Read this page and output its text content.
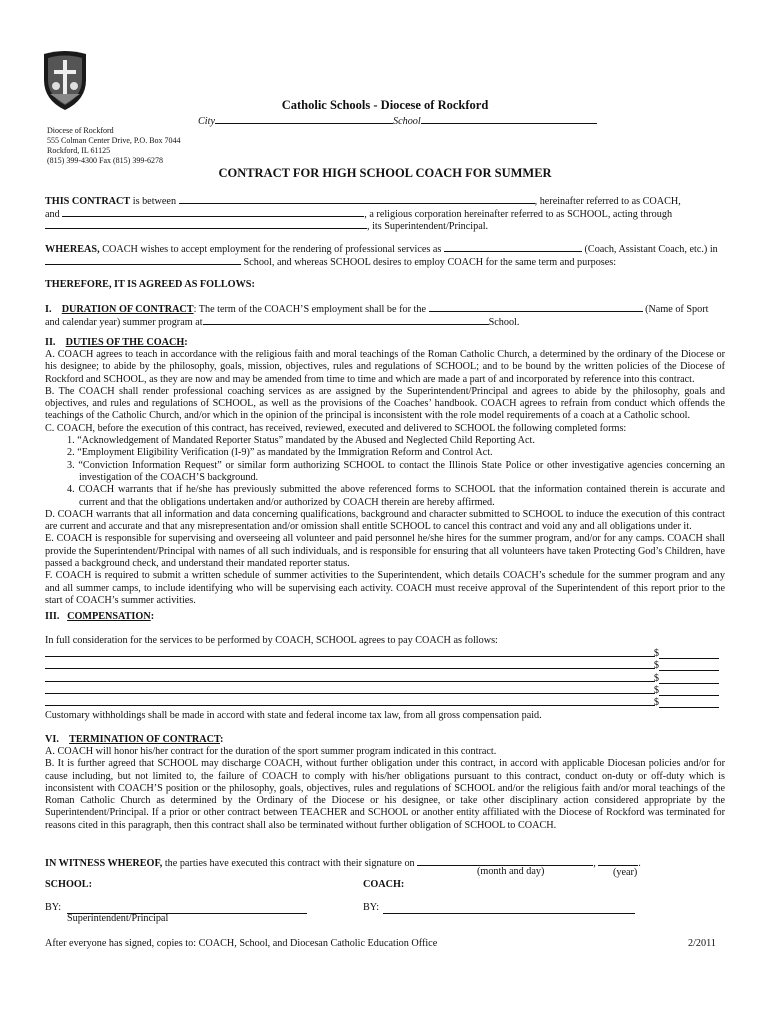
Catholic Schools - Diocese of Rockford
City	School
Diocese of Rockford
555 Colman Center Drive, P.O. Box 7044
Rockford, IL 61125
(815) 399-4300 Fax (815) 399-6278
CONTRACT FOR HIGH SCHOOL COACH FOR SUMMER
THIS CONTRACT is between	, hereinafter referred to as COACH,
and	, a religious corporation hereinafter referred to as SCHOOL, acting through
, its Superintendent/Principal.
WHEREAS, COACH wishes to accept employment for the rendering of professional services as	(Coach, Assistant Coach, etc.) in
School, and whereas SCHOOL desires to employ COACH for the same term and purposes:
THEREFORE, IT IS AGREED AS FOLLOWS:
I. DURATION OF CONTRACT: The term of the COACH’S employment shall be for the	(Name of Sport
and calendar year) summer program at	School.
II. DUTIES OF THE COACH:
A. COACH agrees to teach in accordance with the religious faith and moral teachings of the Roman Catholic Church, a determined by the ordinary of the Diocese or his designee; to abide by the philosophy, goals, mission, objectives, rules and regulations of SCHOOL; and to be bound by the written policies of the Diocese of Rockford and SCHOOL, as they are now and may be amended from time to time and which are made a part of and incorporated by reference into this contract.
B. The COACH shall render professional coaching services as are assigned by the Superintendent/Principal and agrees to abide by the philosophy, goals and objectives, and rules and regulations of SCHOOL, as well as the provisions of the Coaches’ handbook. COACH agrees to refrain from conduct which offends the teachings of the Catholic Church, and/or which in the opinion of the principal is inconsistent with the role model requirements of a coach at a Catholic school.
C. COACH, before the execution of this contract, has received, reviewed, executed and delivered to SCHOOL the following completed forms:
1. “Acknowledgement of Mandated Reporter Status” mandated by the Abused and Neglected Child Reporting Act.
2. “Employment Eligibility Verification (I-9)” as mandated by the Immigration Reform and Control Act.
3. “Conviction Information Request” or similar form authorizing SCHOOL to contact the Illinois State Police or other investigative agencies concerning an investigation of the COACH’S background.
4. COACH warrants that if he/she has previously submitted the above referenced forms to SCHOOL that the information contained therein is accurate and current and that the obligations undertaken and/or authorized by COACH therein are hereby affirmed.
D. COACH warrants that all information and data concerning qualifications, background and character submitted to SCHOOL to induce the execution of this contract are current and accurate and that any misrepresentation and/or omission shall entitle SCHOOL to cancel this contract and void any and all obligations under it.
E. COACH is responsible for supervising and overseeing all volunteer and paid personnel he/she hires for the summer program, and/or for any camps. COACH shall provide the Superintendent/Principal with names of all such individuals, and is responsible for ensuring that all volunteers have taken Protecting God’s Children, have passed a background check, and understand their mandated reporter status.
F. COACH is required to submit a written schedule of summer activities to the Superintendent, which details COACH’s schedule for the summer program and any and all summer camps, to include identifying who will be supervising each activity. COACH must receive approval of the Superintendent of this report prior to the start of COACH’s summer activities.
III. COMPENSATION:
In full consideration for the services to be performed by COACH, SCHOOL agrees to pay COACH as follows:
$
$
$
$
$
Customary withholdings shall be made in accord with state and federal income tax law, from all gross compensation paid.
VI. TERMINATION OF CONTRACT:
A. COACH will honor his/her contract for the duration of the sport summer program indicated in this contract.
B. It is further agreed that SCHOOL may discharge COACH, without further obligation under this contract, in accord with applicable Diocesan policies and/or for cause including, but not limited to, the failure of COACH to comply with his/her obligations pursuant to this contract, conduct on-duty or off-duty which is inconsistent with COACH’S position or the philosophy, goals, objectives, rules and regulations of SCHOOL and/or the religious faith and/or moral teachings of the Roman Catholic Church as determined by the Ordinary of the Diocese or his designee, or take other disciplinary action considered appropriate by the Superintendent/Principal. If a prior or other contract between TEACHER and SCHOOL or another entity affiliated with the Diocese of Rockford was terminated for reasons cited in this paragraph, then this contract shall also be terminated without further obligation of SCHOOL to COACH.
IN WITNESS WHEREOF, the parties have executed this contract with their signature on	,	.
(month and day)	(year)
SCHOOL:	COACH:
BY:	BY:
Superintendent/Principal
After everyone has signed, copies to: COACH, School, and Diocesan Catholic Education Office	2/2011
